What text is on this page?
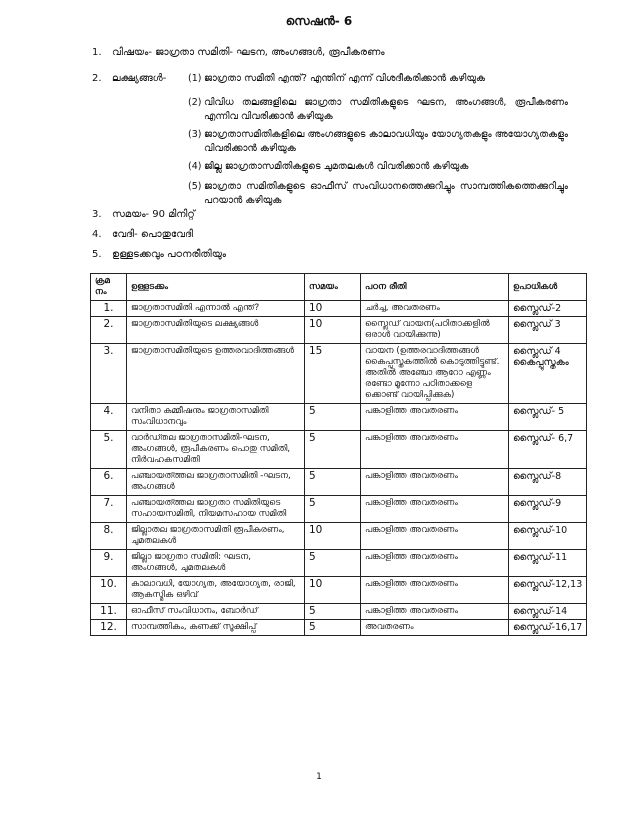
സെഷൻ- 6
1. വിഷയം- ജാഗ്രതാ സമിതി- ഘടന, അംഗങ്ങൾ, രൂപീകരണം
2. ലക്ഷ്യങ്ങൾ- (1) ജാഗ്രതാ സമിതി എന്ത്? എന്തിന് എന്ന് വിശദീകരിക്കാൻ കഴിയുക
(2) വിവിധ തലങ്ങളിലെ ജാഗ്രതാ സമിതികളുടെ ഘടന, അംഗങ്ങൾ, രൂപീകരണം എന്നിവ വിവരിക്കാൻ കഴിയുക
(3) ജാഗ്രതാസമിതികളിലെ അംഗങ്ങളുടെ കാലാവധിയും യോഗ്യതകളും അയോഗ്യതകളും വിവരിക്കാൻ കഴിയുക
(4) ജില്ല ജാഗ്രതാസമിതികളുടെ ചുമതലകൾ വിവരിക്കാൻ കഴിയുക
(5) ജാഗ്രതാ സമിതികളുടെ ഓഫീസ് സംവിധാനത്തെക്കുറിച്ചും സാമ്പത്തികത്തെക്കുറിച്ചും പറയാൻ കഴിയുക
3. സമയം- 90 മിനിറ്റ്
4. വേദി- പൊതുവേദി
5. ഉള്ളടക്കവും പഠനരീതിയും
ക്രമ നം	ഉള്ളടക്കം	സമയം	പഠന രീതി	ഉപാധികൾ
1.	ജാഗ്രതാസമിതി എന്നാൽ എന്ത്?	10	ചർച്ച, അവതരണം	സ്ലൈഡ്-2
2.	ജാഗ്രതാസമിതിയുടെ ലക്ഷ്യങ്ങൾ	10	സ്ലൈഡ് വായന(പഠിതാക്കളിൽ ഒരാൾ വായിക്കുന്നു)	സ്ലൈഡ് 3
3.	ജാഗ്രതാസമിതിയുടെ ഉത്തരവാദിത്തങ്ങൾ	15	വായന (ഉത്തരവാദിത്തങ്ങൾ കൈപ്പുസ്തകത്തിൽ കൊടുത്തിട്ടുണ്ട്. അതിൽ അഞ്ചോ ആറോ എണ്ണം രണ്ടോ മൂന്നോ പഠിതാക്കളെ ക്കൊണ്ട് വായിപ്പിക്കുക)	സ്ലൈഡ് 4 കൈപ്പുസ്തകം
4.	വനിതാ കമ്മീഷനും ജാഗ്രതാസമിതി സംവിധാനവും	5	പങ്കാളിത്ത അവതരണം	സ്ലൈഡ്- 5
5.	വാർഡ്തല ജാഗ്രതാസമിതി-ഘടന, അംഗങ്ങൾ, രൂപീകരണം പൊതു സമിതി, നിർവഹകസമിതി	5	പങ്കാളിത്ത അവതരണം	സ്ലൈഡ്- 6,7
6.	പഞ്ചായത്ത്തല ജാഗ്രതാസമിതി -ഘടന, അംഗങ്ങൾ	5	പങ്കാളിത്ത അവതരണം	സ്ലൈഡ്-8
7.	പഞ്ചായത്ത്തല ജാഗ്രതാ സമിതിയുടെ സഹായസമിതി, നിയമസഹായ സമിതി	5	പങ്കാളിത്ത അവതരണം	സ്ലൈഡ്-9
8.	ജില്ലാതല ജാഗ്രതാസമിതി രൂപീകരണം, ചുമതലകൾ	10	പങ്കാളിത്ത അവതരണം	സ്ലൈഡ്-10
9.	ജില്ലാ ജാഗ്രതാ സമിതി: ഘടന, അംഗങ്ങൾ, ചുമതലകൾ	5	പങ്കാളിത്ത അവതരണം	സ്ലൈഡ്-11
10.	കാലാവധി, യോഗ്യത, അയോഗ്യത, രാജി, ആകസ്മിക ഒഴിവ്	10	പങ്കാളിത്ത അവതരണം	സ്ലൈഡ്-12,13
11.	ഓഫീസ് സംവിധാനം, ബോർഡ്	5	പങ്കാളിത്ത അവതരണം	സ്ലൈഡ്-14
12.	സാമ്പത്തികം, കണക്ക് സൂക്ഷിപ്പ്	5	അവതരണം	സ്ലൈഡ്-16,17
1
